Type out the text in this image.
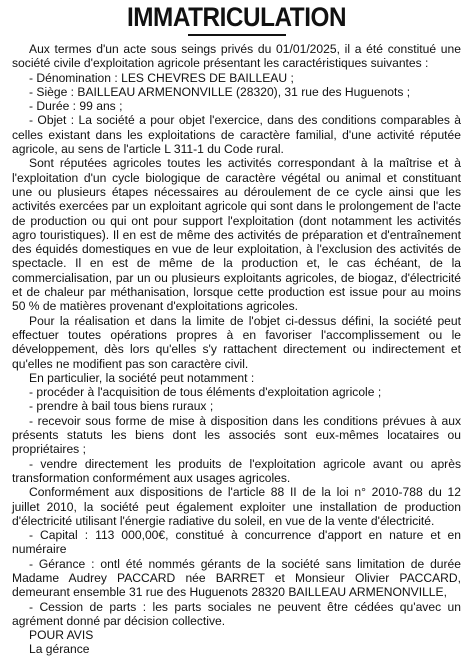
IMMATRICULATION

Aux termes d'un acte sous seings privés du 01/01/2025, il a été constitué une société civile d'exploitation agricole présentant les caractéristiques suivantes :

- Dénomination : LES CHEVRES DE BAILLEAU ;

- Siège : BAILLEAU ARMENONVILLE (28320), 31 rue des Huguenots ;

- Durée : 99 ans ;

- Objet : La société a pour objet l'exercice, dans des conditions comparables à celles existant dans les exploitations de caractère familial, d'une activité réputée agricole, au sens de l'article L 311-1 du Code rural.

Sont réputées agricoles toutes les activités correspondant à la maîtrise et à l'exploitation d'un cycle biologique de caractère végétal ou animal et constituant une ou plusieurs étapes nécessaires au déroulement de ce cycle ainsi que les activités exercées par un exploitant agricole qui sont dans le prolongement de l'acte de production ou qui ont pour support l'exploitation (dont notamment les activités agro touristiques). Il en est de même des activités de préparation et d'entraînement des équidés domestiques en vue de leur exploitation, à l'exclusion des activités de spectacle. Il en est de même de la production et, le cas échéant, de la commercialisation, par un ou plusieurs exploitants agricoles, de biogaz, d'électricité et de chaleur par méthanisation, lorsque cette production est issue pour au moins 50 % de matières provenant d'exploitations agricoles.

Pour la réalisation et dans la limite de l'objet ci-dessus défini, la société peut effectuer toutes opérations propres à en favoriser l'accomplissement ou le développement, dès lors qu'elles s'y rattachent directement ou indirectement et qu'elles ne modifient pas son caractère civil.

En particulier, la société peut notamment :

- procéder à l'acquisition de tous éléments d'exploitation agricole ;

- prendre à bail tous biens ruraux ;

- recevoir sous forme de mise à disposition dans les conditions prévues à aux présents statuts les biens dont les associés sont eux-mêmes locataires ou propriétaires ;

- vendre directement les produits de l'exploitation agricole avant ou après transformation conformément aux usages agricoles.

Conformément aux dispositions de l'article 88 II de la loi n° 2010-788 du 12 juillet 2010, la société peut également exploiter une installation de production d'électricité utilisant l'énergie radiative du soleil, en vue de la vente d'électricité.

- Capital : 113 000,00€, constitué à concurrence d'apport en nature et en numéraire

- Gérance : ontl été nommés gérants de la société sans limitation de durée Madame Audrey PACCARD née BARRET et Monsieur Olivier PACCARD, demeurant ensemble 31 rue des Huguenots 28320 BAILLEAU ARMENONVILLE,

- Cession de parts : les parts sociales ne peuvent être cédées qu'avec un agrément donné par décision collective.

POUR AVIS

La gérance
